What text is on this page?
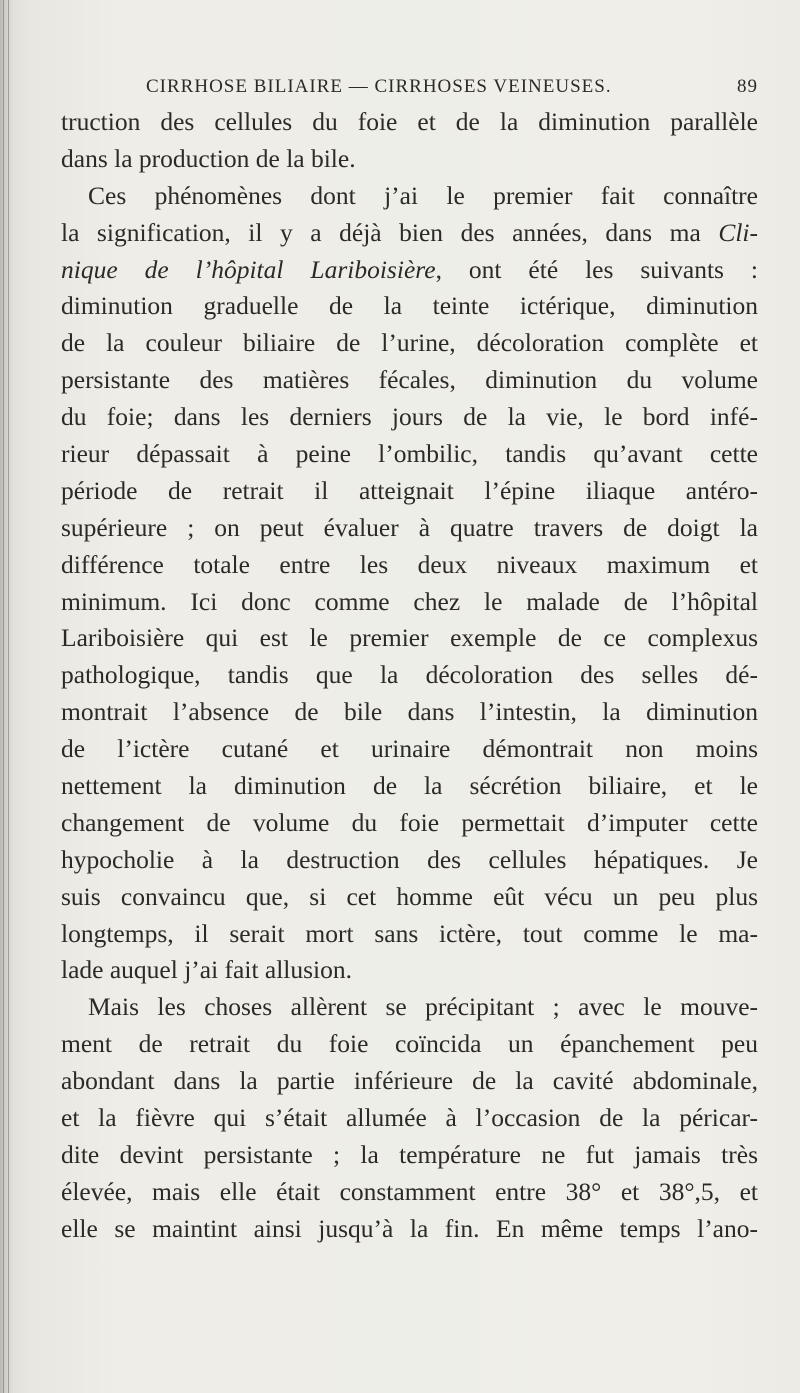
CIRRHOSE BILIAIRE — CIRRHOSES VEINEUSES.	89
truction des cellules du foie et de la diminution parallèle
dans la production de la bile.
Ces phénomènes dont j’ai le premier fait connaître
la signification, il y a déjà bien des années, dans ma Cli-
nique de l’hôpital Lariboisière, ont été les suivants :
diminution graduelle de la teinte ictérique, diminution
de la couleur biliaire de l’urine, décoloration complète et
persistante des matières fécales, diminution du volume
du foie; dans les derniers jours de la vie, le bord infé-
rieur dépassait à peine l’ombilic, tandis qu’avant cette
période de retrait il atteignait l’épine iliaque antéro-
supérieure ; on peut évaluer à quatre travers de doigt la
différence totale entre les deux niveaux maximum et
minimum. Ici donc comme chez le malade de l’hôpital
Lariboisière qui est le premier exemple de ce complexus
pathologique, tandis que la décoloration des selles dé-
montrait l’absence de bile dans l’intestin, la diminution
de l’ictère cutané et urinaire démontrait non moins
nettement la diminution de la sécrétion biliaire, et le
changement de volume du foie permettait d’imputer cette
hypocholie à la destruction des cellules hépatiques. Je
suis convaincu que, si cet homme eût vécu un peu plus
longtemps, il serait mort sans ictère, tout comme le ma-
lade auquel j’ai fait allusion.
Mais les choses allèrent se précipitant ; avec le mouve-
ment de retrait du foie coïncida un épanchement peu
abondant dans la partie inférieure de la cavité abdominale,
et la fièvre qui s’était allumée à l’occasion de la péricar-
dite devint persistante ; la température ne fut jamais très
élevée, mais elle était constamment entre 38° et 38°,5, et
elle se maintint ainsi jusqu’à la fin. En même temps l’ano-
